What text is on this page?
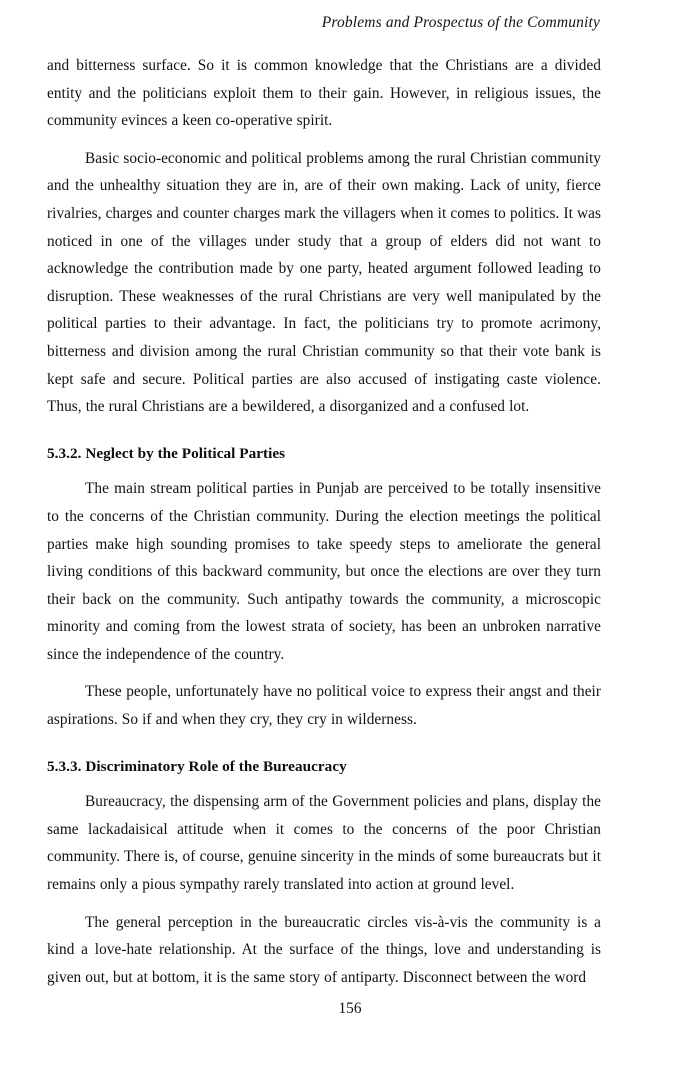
Problems and Prospectus of the Community

and bitterness surface. So it is common knowledge that the Christians are a divided entity and the politicians exploit them to their gain. However, in religious issues, the community evinces a keen co-operative spirit.

Basic socio-economic and political problems among the rural Christian community and the unhealthy situation they are in, are of their own making. Lack of unity, fierce rivalries, charges and counter charges mark the villagers when it comes to politics. It was noticed in one of the villages under study that a group of elders did not want to acknowledge the contribution made by one party, heated argument followed leading to disruption. These weaknesses of the rural Christians are very well manipulated by the political parties to their advantage. In fact, the politicians try to promote acrimony, bitterness and division among the rural Christian community so that their vote bank is kept safe and secure. Political parties are also accused of instigating caste violence. Thus, the rural Christians are a bewildered, a disorganized and a confused lot.

5.3.2. Neglect by the Political Parties

The main stream political parties in Punjab are perceived to be totally insensitive to the concerns of the Christian community. During the election meetings the political parties make high sounding promises to take speedy steps to ameliorate the general living conditions of this backward community, but once the elections are over they turn their back on the community. Such antipathy towards the community, a microscopic minority and coming from the lowest strata of society, has been an unbroken narrative since the independence of the country.

These people, unfortunately have no political voice to express their angst and their aspirations. So if and when they cry, they cry in wilderness.

5.3.3. Discriminatory Role of the Bureaucracy

Bureaucracy, the dispensing arm of the Government policies and plans, display the same lackadaisical attitude when it comes to the concerns of the poor Christian community. There is, of course, genuine sincerity in the minds of some bureaucrats but it remains only a pious sympathy rarely translated into action at ground level.

The general perception in the bureaucratic circles vis-à-vis the community is a kind a love-hate relationship. At the surface of the things, love and understanding is given out, but at bottom, it is the same story of antiparty. Disconnect between the word

156
